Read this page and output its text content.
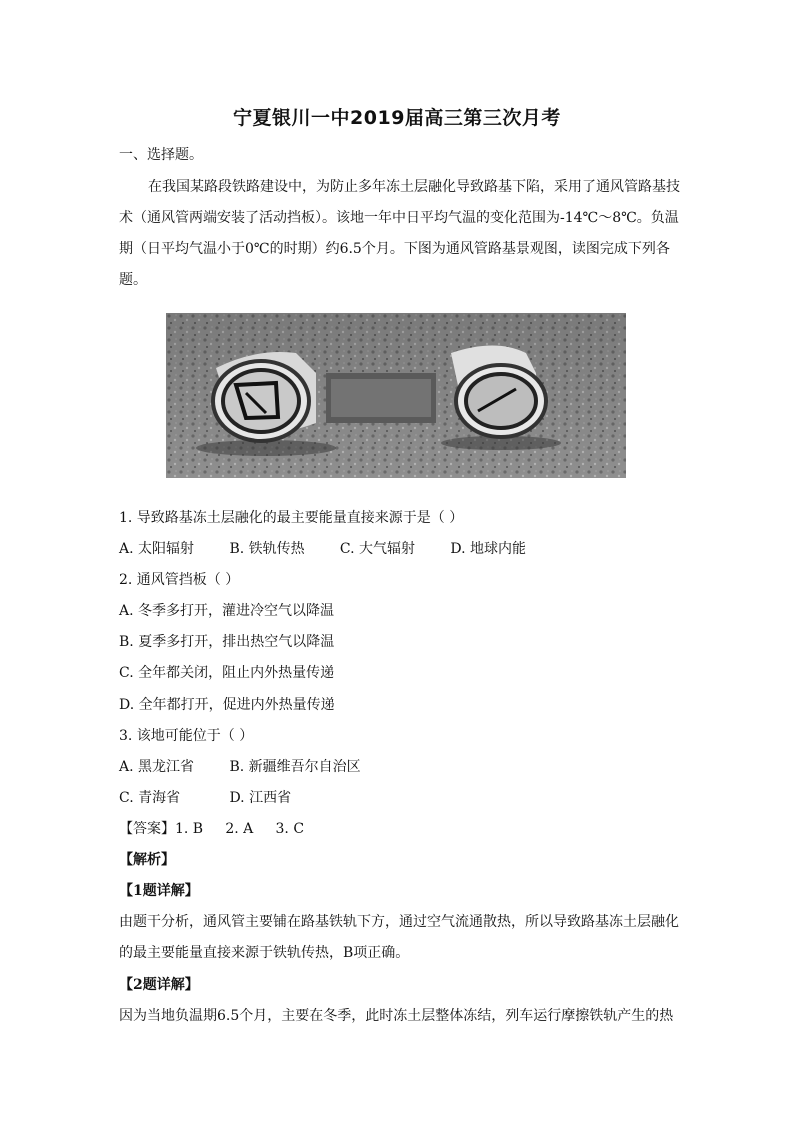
宁夏银川一中2019届高三第三次月考
一、选择题。
在我国某路段铁路建设中，为防止多年冻土层融化导致路基下陷，采用了通风管路基技
术（通风管两端安装了活动挡板）。该地一年中日平均气温的变化范围为-14℃～8℃。负温
期（日平均气温小于0℃的时期）约6.5个月。下图为通风管路基景观图，读图完成下列各
题。
1. 导致路基冻土层融化的最主要能量直接来源于是（ ）
A. 太阳辐射	B. 铁轨传热	C. 大气辐射	D. 地球内能
2. 通风管挡板（ ）
A. 冬季多打开，灌进冷空气以降温
B. 夏季多打开，排出热空气以降温
C. 全年都关闭，阻止内外热量传递
D. 全年都打开，促进内外热量传递
3. 该地可能位于（ ）
A. 黑龙江省	B. 新疆维吾尔自治区
C. 青海省	D. 江西省
【答案】1. B     2. A     3. C
【解析】
【1题详解】
由题干分析，通风管主要铺在路基铁轨下方，通过空气流通散热，所以导致路基冻土层融化
的最主要能量直接来源于铁轨传热，B项正确。
【2题详解】
因为当地负温期6.5个月，主要在冬季，此时冻土层整体冻结，列车运行摩擦铁轨产生的热
